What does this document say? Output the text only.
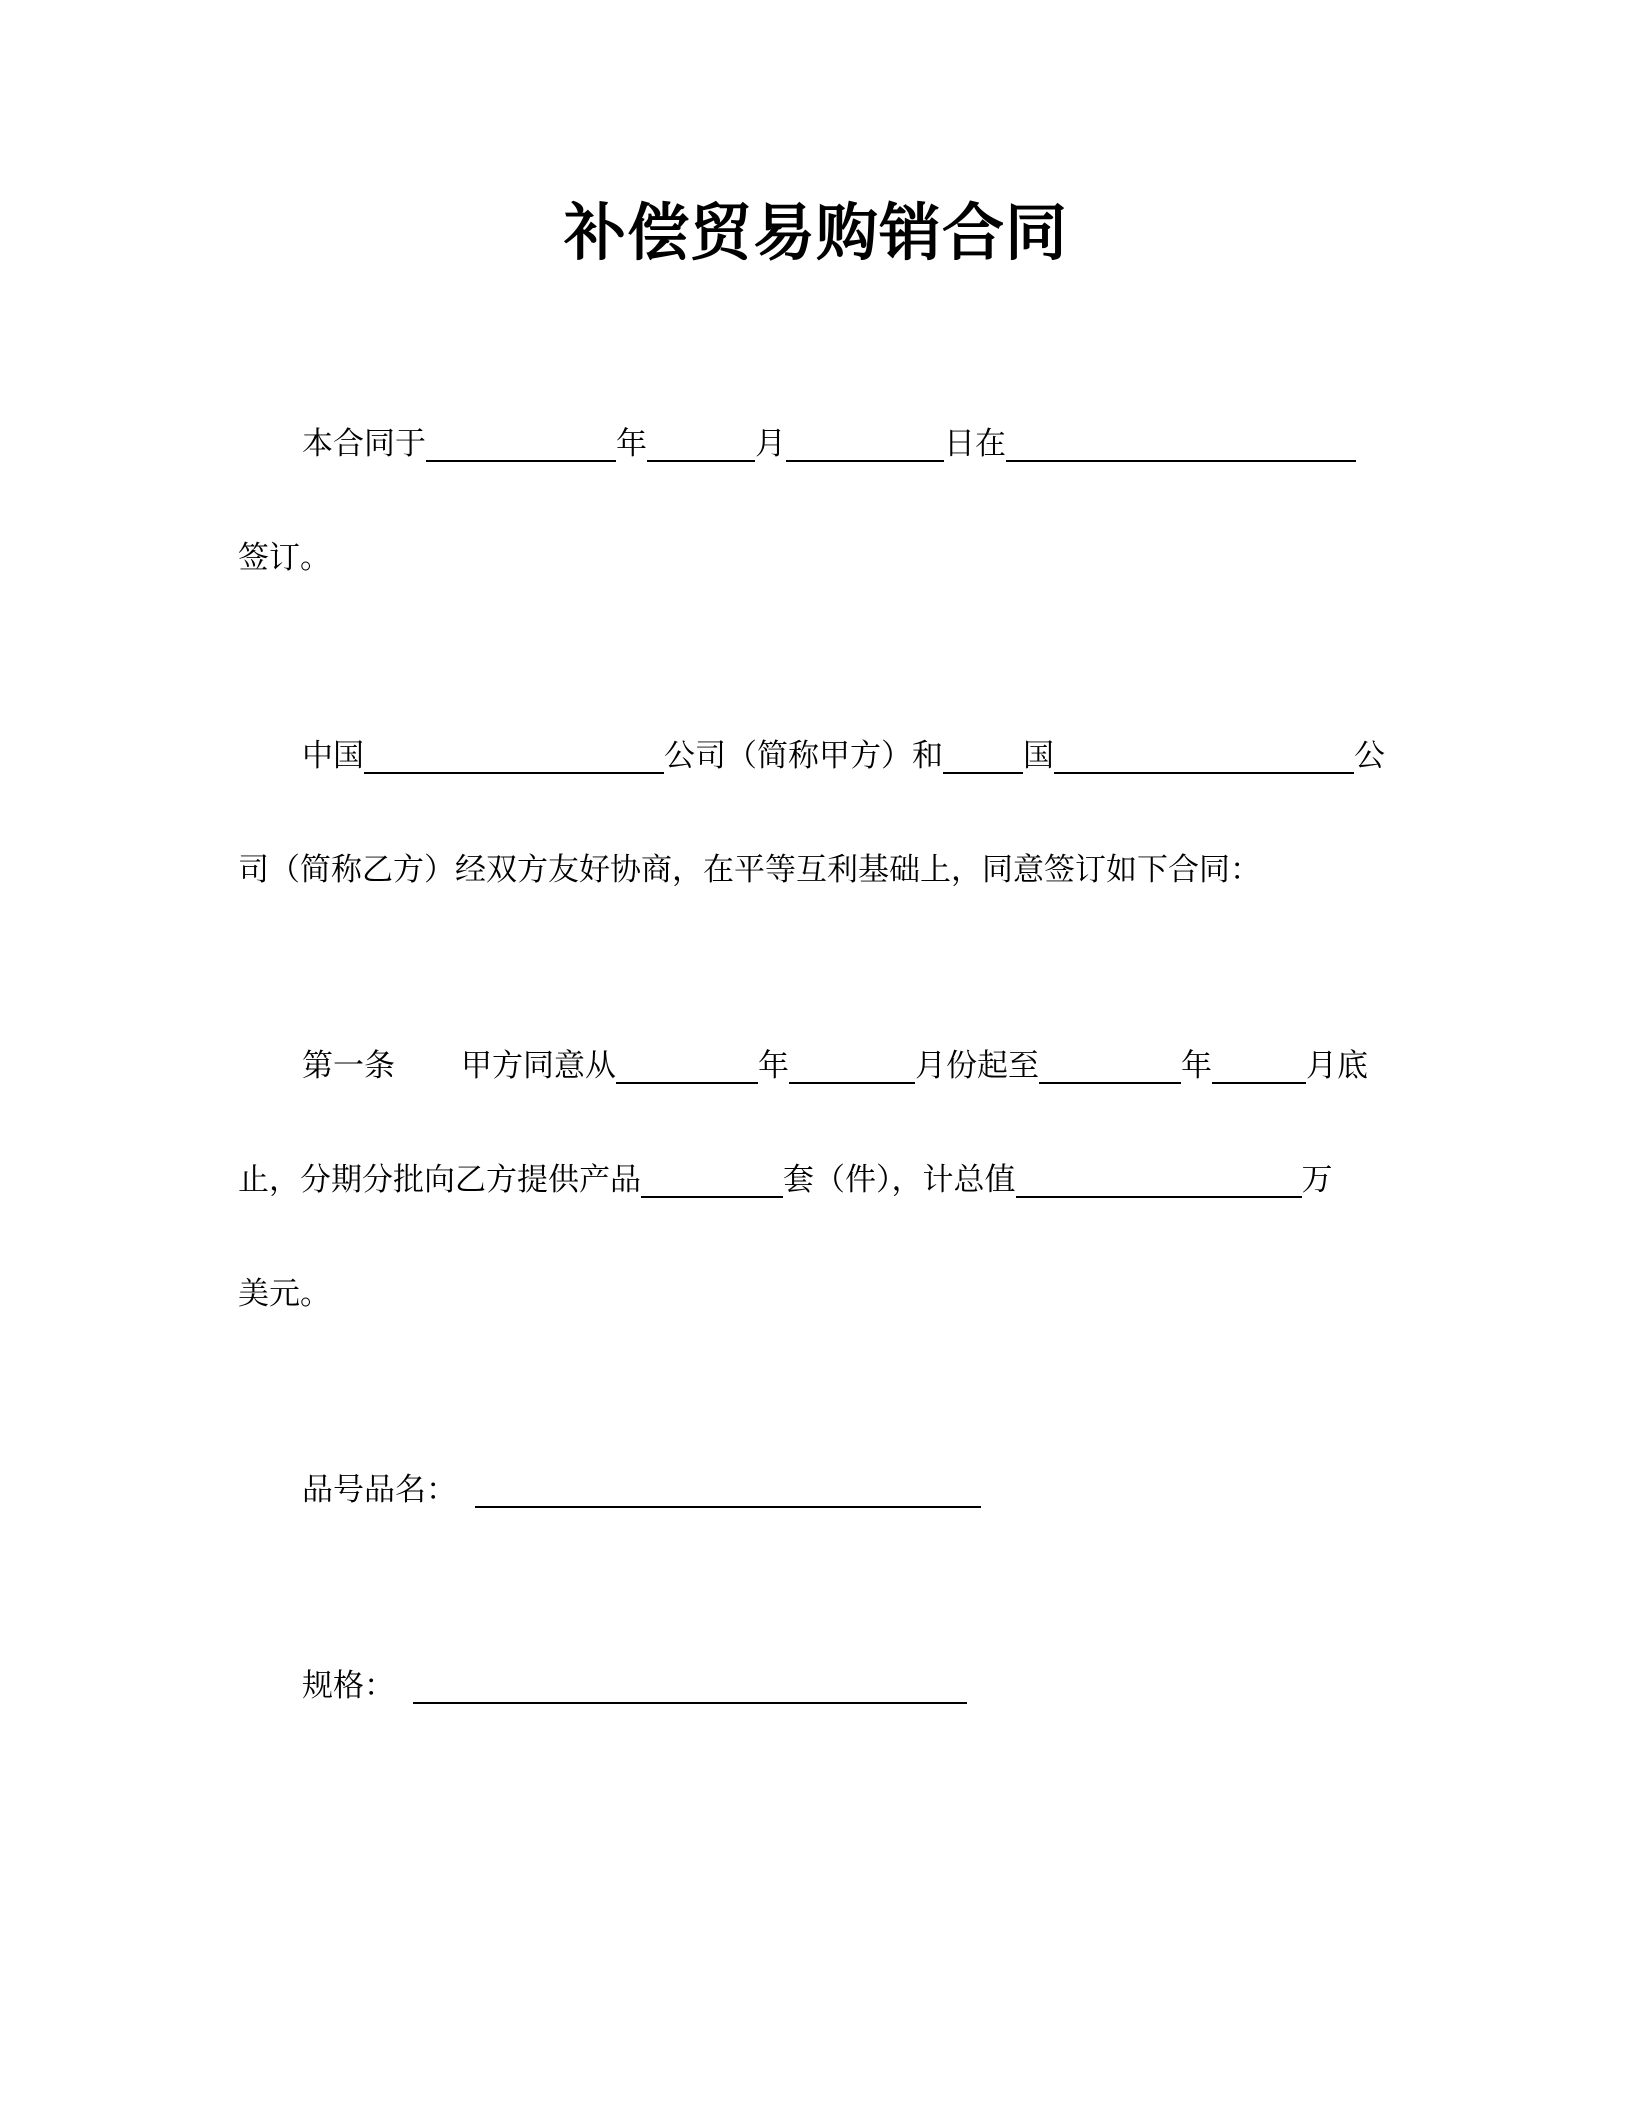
补偿贸易购销合同
本合同于	年	月	日在
签订。
中国	公司（简称甲方）和	国	公
司（简称乙方）经双方友好协商，在平等互利基础上，同意签订如下合同：
第一条 甲方同意从	年	月份起至	年	月底
止，分期分批向乙方提供产品	套（件），计总值	万
美元。
品号品名：
规格：
